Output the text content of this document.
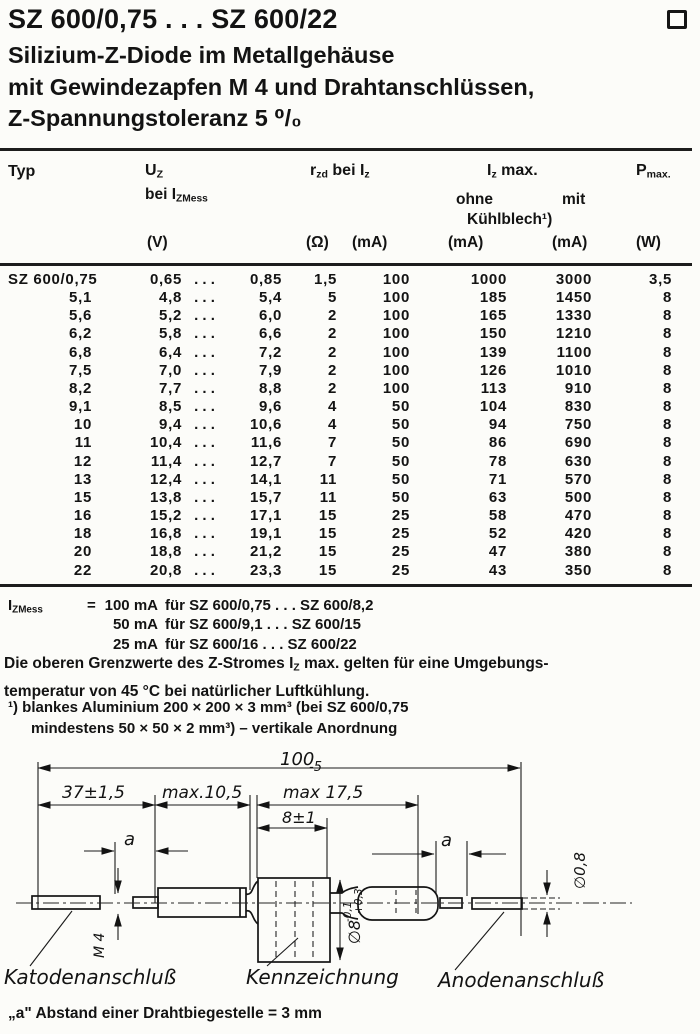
SZ 600/0,75 . . . SZ 600/22
Silizium-Z-Diode im Metallgehäuse
mit Gewindezapfen M 4 und Drahtanschlüssen,
Z-Spannungstoleranz 5 ⁰/₀
Typ	$U_Z$
bei $I_{ZMess}$
$r_{zd}$ bei $I_z$	$I_z$ max.
ohne	mit
Kühlblech¹)
$P_{max.}$
(V)	(Ω) (mA)	(mA)	(mA)	(W)
SZ 600/0,75	0,65	. . .	0,85	1,5	100	1000	3000	3,5
5,1	4,8	. . .	5,4	5	100	185	1450	8
5,6	5,2	. . .	6,0	2	100	165	1330	8
6,2	5,8	. . .	6,6	2	100	150	1210	8
6,8	6,4	. . .	7,2	2	100	139	1100	8
7,5	7,0	. . .	7,9	2	100	126	1010	8
8,2	7,7	. . .	8,8	2	100	113	910	8
9,1	8,5	. . .	9,6	4	50	104	830	8
10	9,4	. . .	10,6	4	50	94	750	8
11	10,4	. . .	11,6	7	50	86	690	8
12	11,4	. . .	12,7	7	50	78	630	8
13	12,4	. . .	14,1	11	50	71	570	8
15	13,8	. . .	15,7	11	50	63	500	8
16	15,2	. . .	17,1	15	25	58	470	8
18	16,8	. . .	19,1	15	25	52	420	8
20	18,8	. . .	21,2	15	25	47	380	8
22	20,8	. . .	23,3	15	25	43	350	8
$I_{ZMess}$	= 100 mA für SZ 600/0,75 . . . SZ 600/8,2
50 mA für SZ 600/9,1 . . . SZ 600/15
25 mA für SZ 600/16 . . . SZ 600/22
Die oberen Grenzwerte des Z-Stromes $I_Z$ max. gelten für eine Umgebungs-
temperatur von 45 °C bei natürlicher Luftkühlung.
¹) blankes Aluminium 200 × 200 × 3 mm³ (bei SZ 600/0,75
mindestens 50 × 50 × 2 mm³) – vertikale Anordnung
100
-5
37±1,5 max.10,5 max 17,5
8±1
a	a
∅8
+0,3
-0,1
∅0,8
M 4
Katodenanschluß	Kennzeichnung Anodenanschluß
„a" Abstand einer Drahtbiegestelle = 3 mm
